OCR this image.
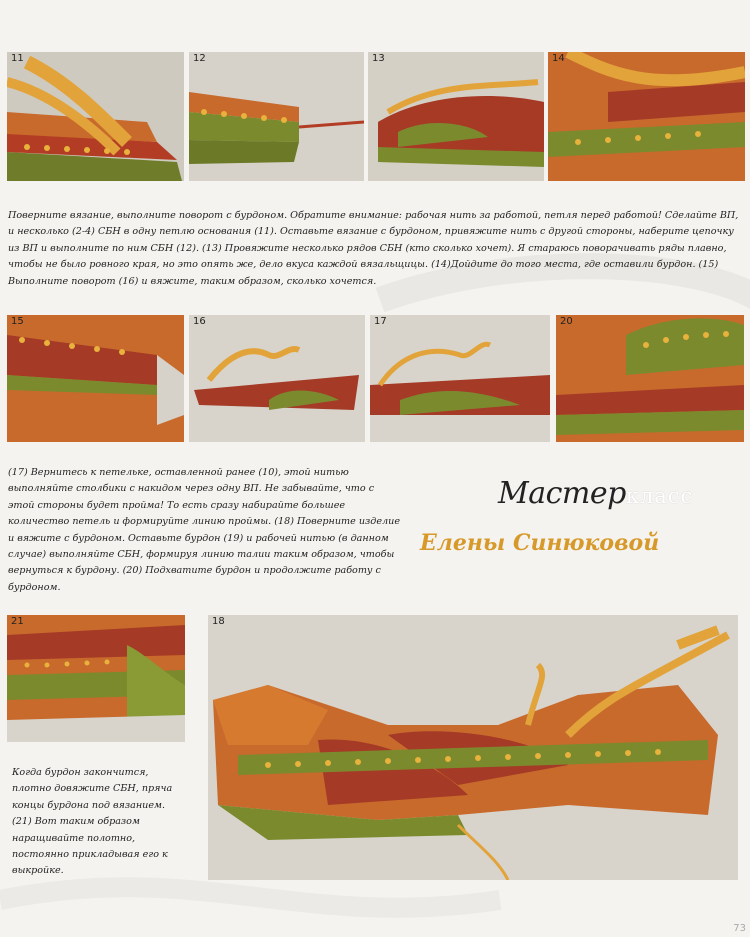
11	12	13	14

Поверните вязание, выполните поворот с бурдоном. Обратите внимание: рабочая нить за работой, петля перед работой! Сделайте ВП, и несколько (2-4) СБН в одну петлю основания (11). Оставьте вязание с бурдоном, привяжите нить с другой стороны, наберите цепочку из ВП и выполните по ним СБН (12). (13) Провяжите несколько рядов СБН (кто сколько хочет). Я стараюсь поворачивать ряды плавно, чтобы не было ровного края, но это опять же, дело вкуса каждой вязальщицы. (14)Дойдите до того места, где оставили бурдон. (15) Выполните поворот (16) и вяжите, таким образом, сколько хочется.

15	16	17	20

(17) Вернитесь к петельке, оставленной ранее (10), этой нитью выполняйте столбики с накидом через одну ВП. Не забывайте, что с этой стороны будет пройма! То есть сразу набирайте большее количество петель и формируйте линию проймы. (18) Поверните изделие и вяжите с бурдоном. Оставьте бурдон (19) и рабочей нитью (в данном случае) выполняйте СБН, формируя линию талии таким образом, чтобы вернуться к бурдону. (20) Подхватите бурдон и продолжите работу с бурдоном.

Мастеркласс
Елены Синюковой
21	18

Когда бурдон закончится, плотно довяжите СБН, пряча концы бурдона под вязанием. (21) Вот таким образом наращивайте полотно, постоянно прикладывая его к выкройке.

73
